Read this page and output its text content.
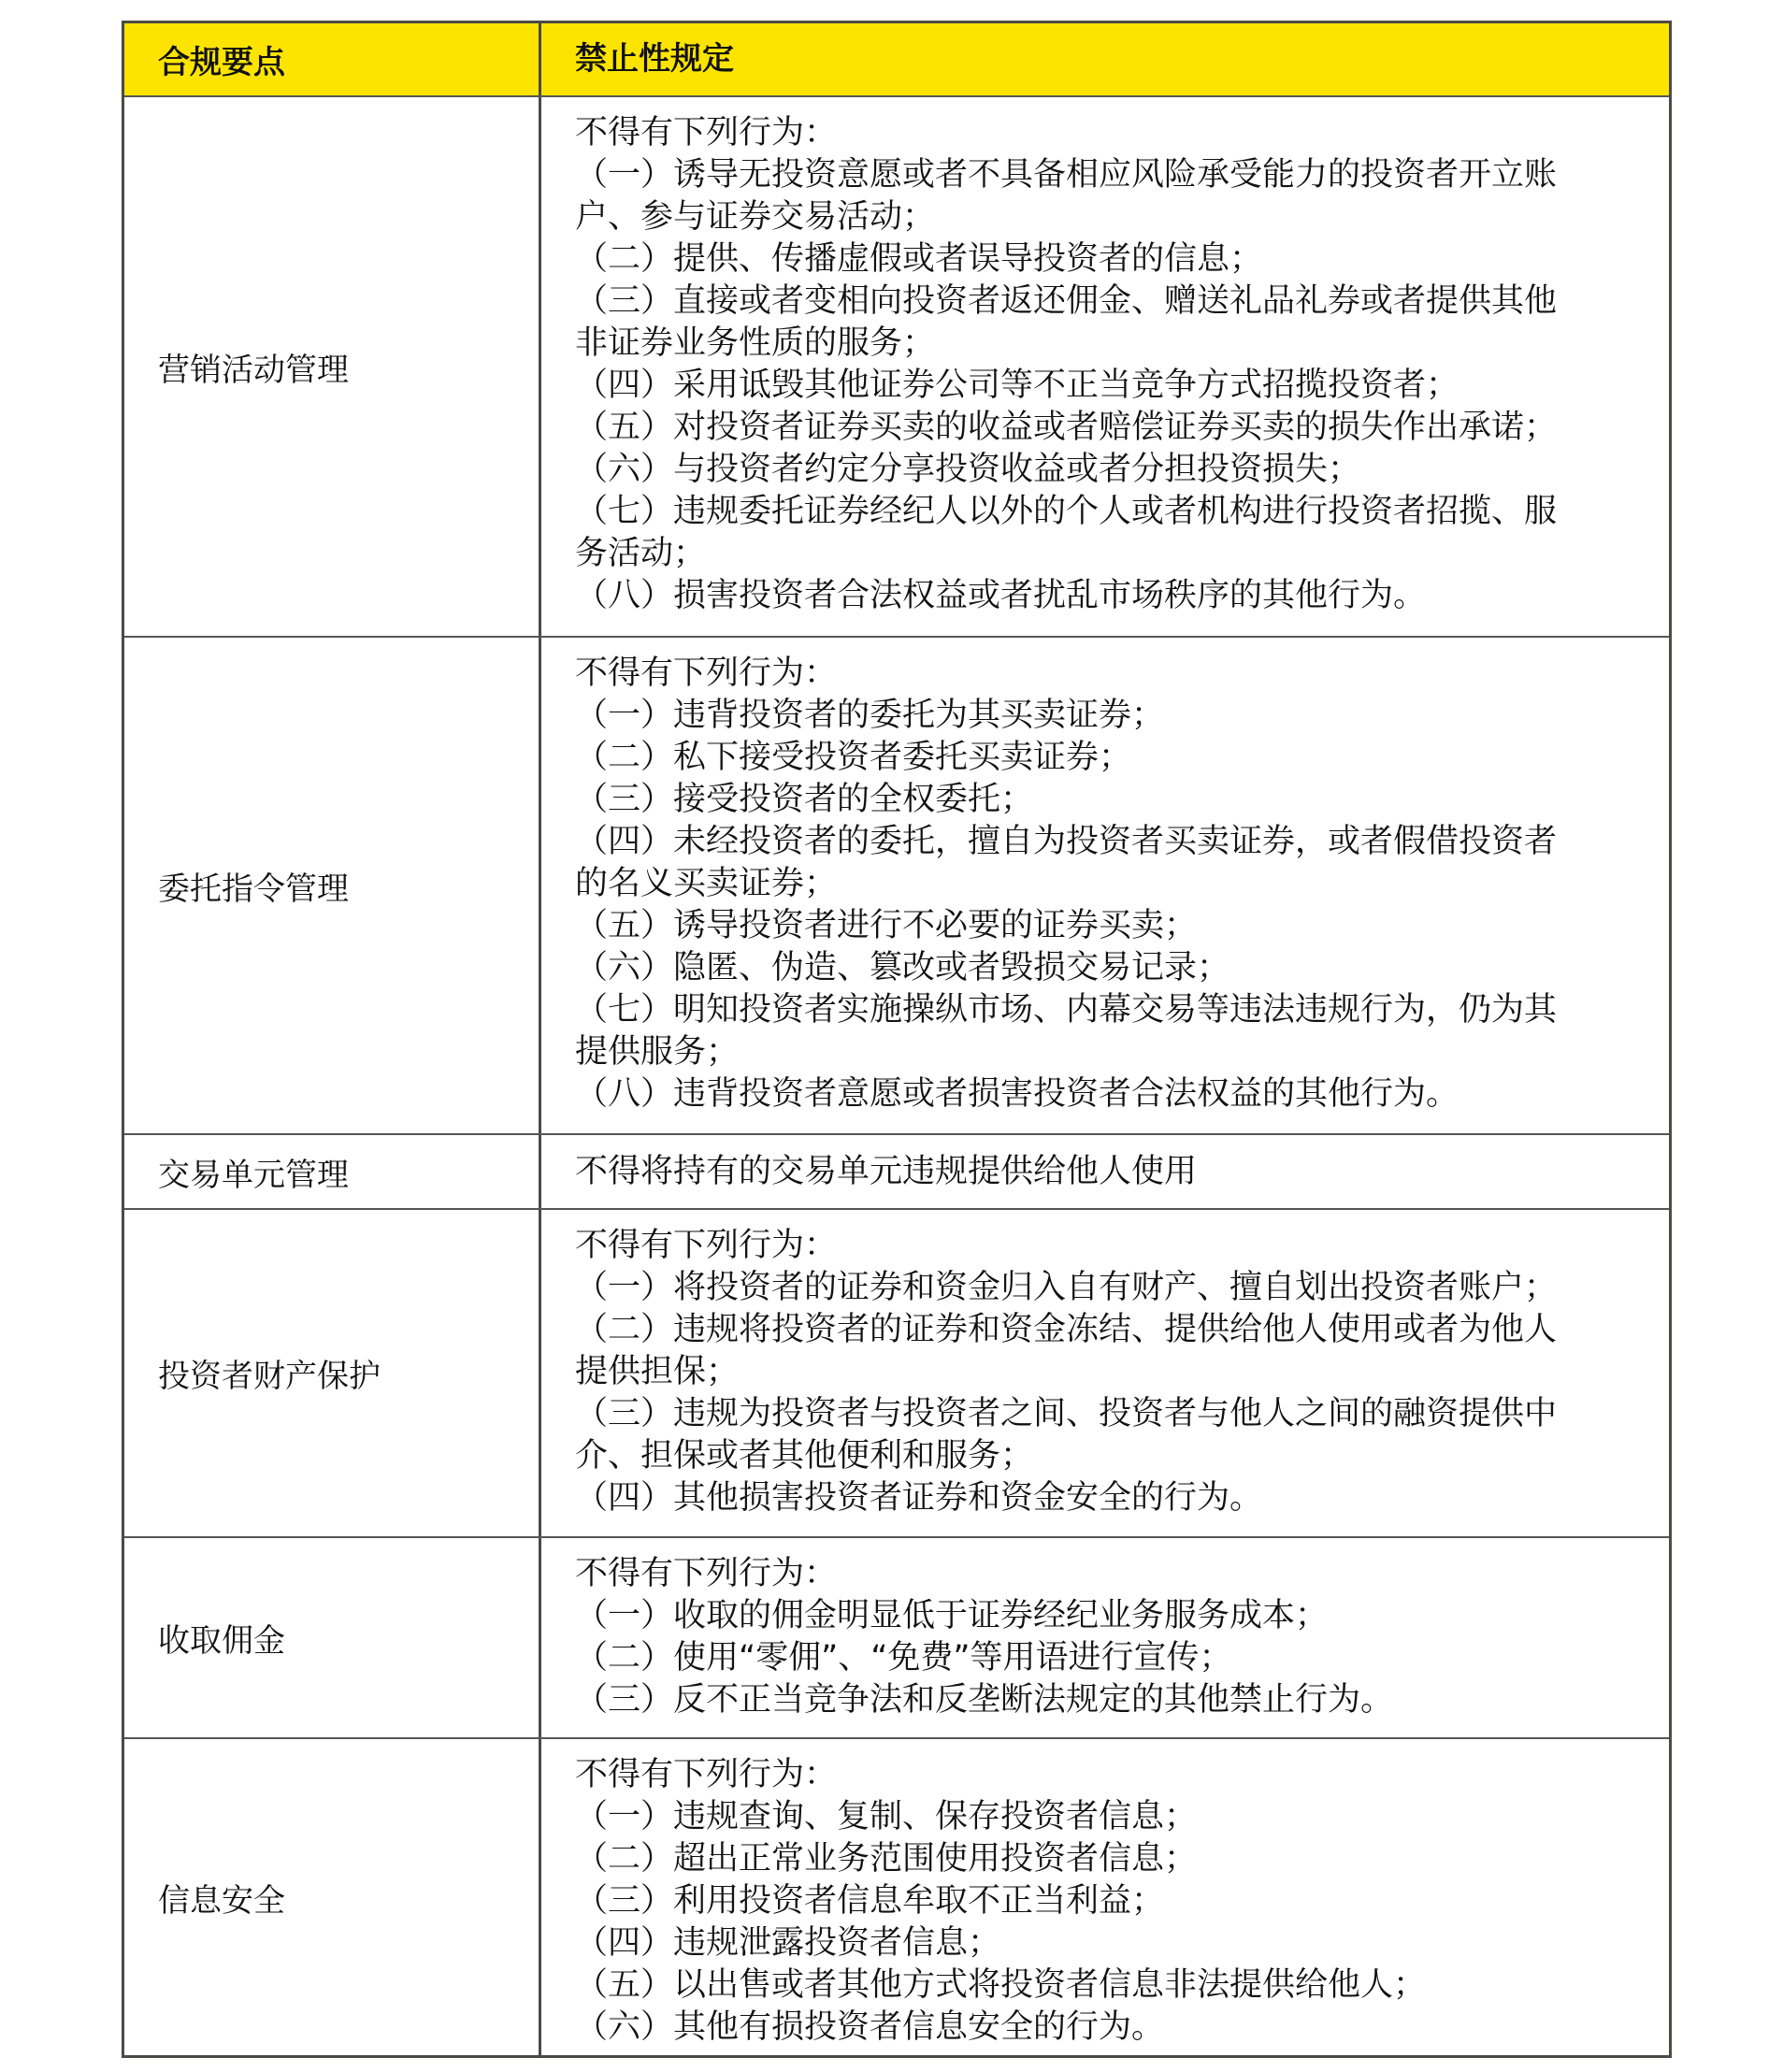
合规要点	禁止性规定
营销活动管理
不得有下列行为：
（一）诱导无投资意愿或者不具备相应风险承受能力的投资者开立账
户、参与证券交易活动；
（二）提供、传播虚假或者误导投资者的信息；
（三）直接或者变相向投资者返还佣金、赠送礼品礼券或者提供其他
非证券业务性质的服务；
（四）采用诋毁其他证券公司等不正当竞争方式招揽投资者；
（五）对投资者证券买卖的收益或者赔偿证券买卖的损失作出承诺；
（六）与投资者约定分享投资收益或者分担投资损失；
（七）违规委托证券经纪人以外的个人或者机构进行投资者招揽、服
务活动；
（八）损害投资者合法权益或者扰乱市场秩序的其他行为。
委托指令管理
不得有下列行为：
（一）违背投资者的委托为其买卖证券；
（二）私下接受投资者委托买卖证券；
（三）接受投资者的全权委托；
（四）未经投资者的委托，擅自为投资者买卖证券，或者假借投资者
的名义买卖证券；
（五）诱导投资者进行不必要的证券买卖；
（六）隐匿、伪造、篡改或者毁损交易记录；
（七）明知投资者实施操纵市场、内幕交易等违法违规行为，仍为其
提供服务；
（八）违背投资者意愿或者损害投资者合法权益的其他行为。
交易单元管理	不得将持有的交易单元违规提供给他人使用
投资者财产保护
不得有下列行为：
（一）将投资者的证券和资金归入自有财产、擅自划出投资者账户；
（二）违规将投资者的证券和资金冻结、提供给他人使用或者为他人
提供担保；
（三）违规为投资者与投资者之间、投资者与他人之间的融资提供中
介、担保或者其他便利和服务；
（四）其他损害投资者证券和资金安全的行为。
收取佣金
不得有下列行为：
（一）收取的佣金明显低于证券经纪业务服务成本；
（二）使用“零佣”、“免费”等用语进行宣传；
（三）反不正当竞争法和反垄断法规定的其他禁止行为。
信息安全
不得有下列行为：
（一）违规查询、复制、保存投资者信息；
（二）超出正常业务范围使用投资者信息；
（三）利用投资者信息牟取不正当利益；
（四）违规泄露投资者信息；
（五）以出售或者其他方式将投资者信息非法提供给他人；
（六）其他有损投资者信息安全的行为。
